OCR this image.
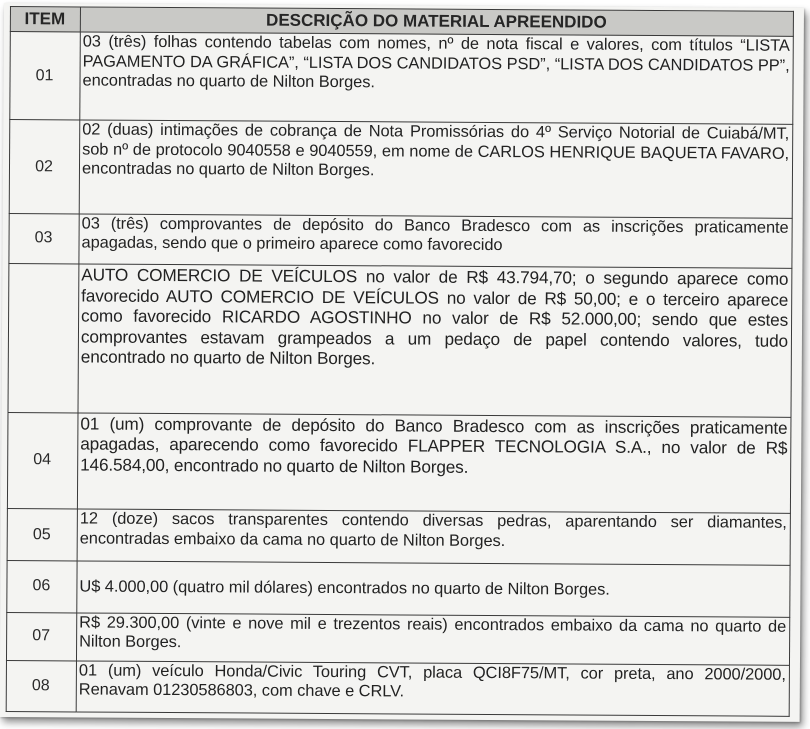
ITEM	DESCRIÇÃO DO MATERIAL APREENDIDO
01	03 (três) folhas contendo tabelas com nomes, nº de nota fiscal e valores, com títulos “LISTA PAGAMENTO DA GRÁFICA”, “LISTA DOS CANDIDATOS PSD”, “LISTA DOS CANDIDATOS PP”, encontradas no quarto de Nilton Borges.
02	02 (duas) intimações de cobrança de Nota Promissórias do 4º Serviço Notorial de Cuiabá/MT, sob nº de protocolo 9040558 e 9040559, em nome de CARLOS HENRIQUE BAQUETA FAVARO, encontradas no quarto de Nilton Borges.
03	03 (três) comprovantes de depósito do Banco Bradesco com as inscrições praticamente apagadas, sendo que o primeiro aparece como favorecido
	AUTO COMERCIO DE VEÍCULOS no valor de R$ 43.794,70; o segundo aparece como favorecido AUTO COMERCIO DE VEÍCULOS no valor de R$ 50,00; e o terceiro aparece como favorecido RICARDO AGOSTINHO no valor de R$ 52.000,00; sendo que estes comprovantes estavam grampeados a um pedaço de papel contendo valores, tudo encontrado no quarto de Nilton Borges.
04	01 (um) comprovante de depósito do Banco Bradesco com as inscrições praticamente apagadas, aparecendo como favorecido FLAPPER TECNOLOGIA S.A., no valor de R$ 146.584,00, encontrado no quarto de Nilton Borges.
05	12 (doze) sacos transparentes contendo diversas pedras, aparentando ser diamantes, encontradas embaixo da cama no quarto de Nilton Borges.
06	U$ 4.000,00 (quatro mil dólares) encontrados no quarto de Nilton Borges.
07	R$ 29.300,00 (vinte e nove mil e trezentos reais) encontrados embaixo da cama no quarto de Nilton Borges.
08	01 (um) veículo Honda/Civic Touring CVT, placa QCI8F75/MT, cor preta, ano 2000/2000, Renavam 01230586803, com chave e CRLV.
